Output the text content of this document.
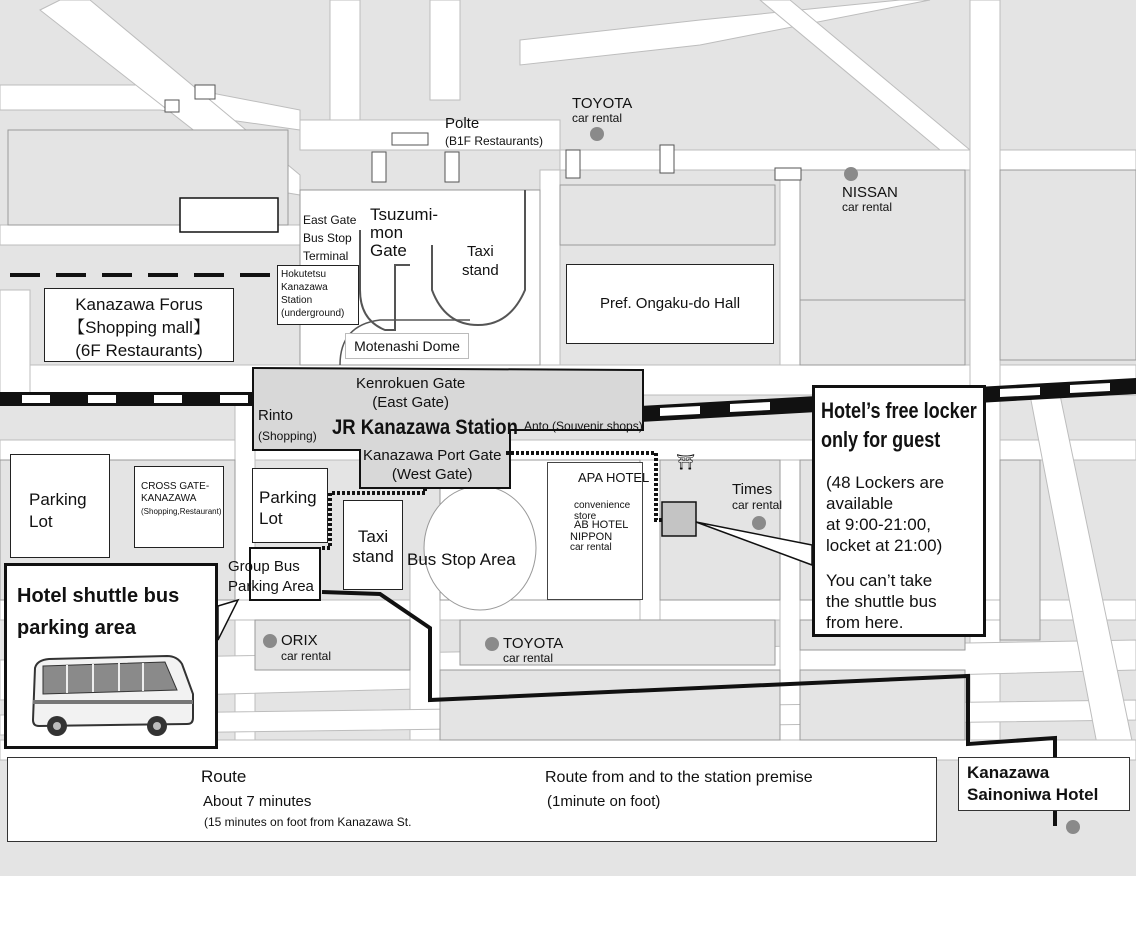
Polte
(B1F Restaurants)
TOYOTA
car rental
NISSAN
car rental
East Gate
Bus Stop
Terminal
Tsuzumi-
mon
Gate	Taxi
stand
Hokutetsu
Kanazawa
Station
(underground)
Kanazawa Forus
【Shopping mall】
(6F Restaurants)	Motenashi Dome
Pref. Ongaku-do Hall
Kenrokuen Gate
(East Gate)
Rinto
(Shopping) JR Kanazawa Station Anto (Souvenir shops)
Kanazawa Port Gate
(West Gate)
Parking
Lot
CROSS GATE-
KANAZAWA
(Shopping,Restaurant)
Parking
Lot
Taxi
stand Bus Stop Area
Group Bus
Parking Area
APA HOTEL
convenience
store
AB HOTEL
NIPPON
car rental
⛩
Times
car rental
ORIX
car rental
TOYOTA
car rental
Hotel shuttle bus
parking area
Hotel’s free locker
only for guest
(48 Lockers are
available
at 9:00-21:00,
locket at 21:00)
You can’t take
the shuttle bus
from here.
Route
About 7 minutes
(15 minutes on foot from Kanazawa St.
Route from and to the station premise
(1minute on foot)
Kanazawa
Sainoniwa Hotel
